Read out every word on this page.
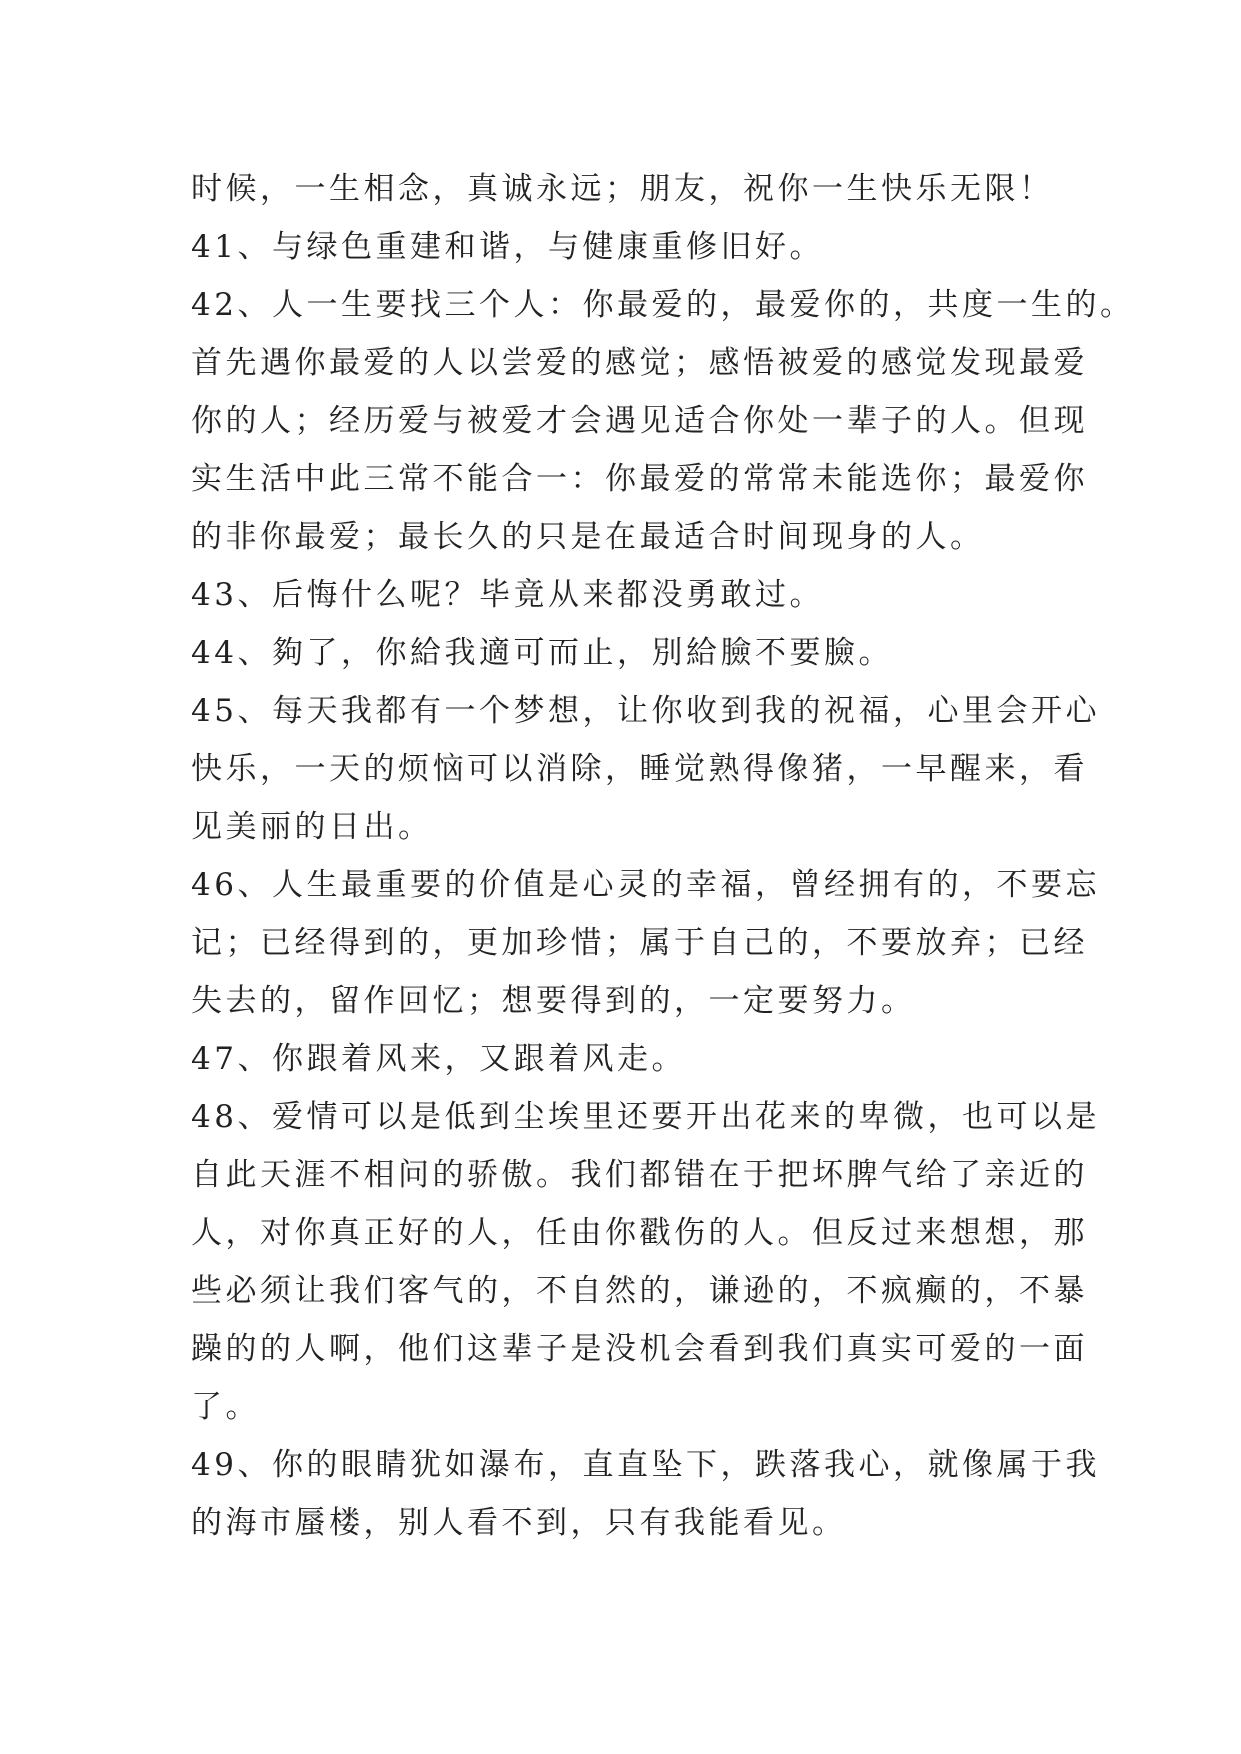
时候，一生相念，真诚永远；朋友，祝你一生快乐无限！

41、与绿色重建和谐，与健康重修旧好。

42、人一生要找三个人：你最爱的，最爱你的，共度一生的。

首先遇你最爱的人以尝爱的感觉；感悟被爱的感觉发现最爱

你的人；经历爱与被爱才会遇见适合你处一辈子的人。但现

实生活中此三常不能合一：你最爱的常常未能选你；最爱你

的非你最爱；最长久的只是在最适合时间现身的人。

43、后悔什么呢？毕竟从来都没勇敢过。

44、夠了，你給我適可而止，別給臉不要臉。

45、每天我都有一个梦想，让你收到我的祝福，心里会开心

快乐，一天的烦恼可以消除，睡觉熟得像猪，一早醒来，看

见美丽的日出。

46、人生最重要的价值是心灵的幸福，曾经拥有的，不要忘

记；已经得到的，更加珍惜；属于自己的，不要放弃；已经

失去的，留作回忆；想要得到的，一定要努力。

47、你跟着风来，又跟着风走。

48、爱情可以是低到尘埃里还要开出花来的卑微，也可以是

自此天涯不相问的骄傲。我们都错在于把坏脾气给了亲近的

人，对你真正好的人，任由你戳伤的人。但反过来想想，那

些必须让我们客气的，不自然的，谦逊的，不疯癫的，不暴

躁的的人啊，他们这辈子是没机会看到我们真实可爱的一面

了。

49、你的眼睛犹如瀑布，直直坠下，跌落我心，就像属于我

的海市蜃楼，别人看不到，只有我能看见。
